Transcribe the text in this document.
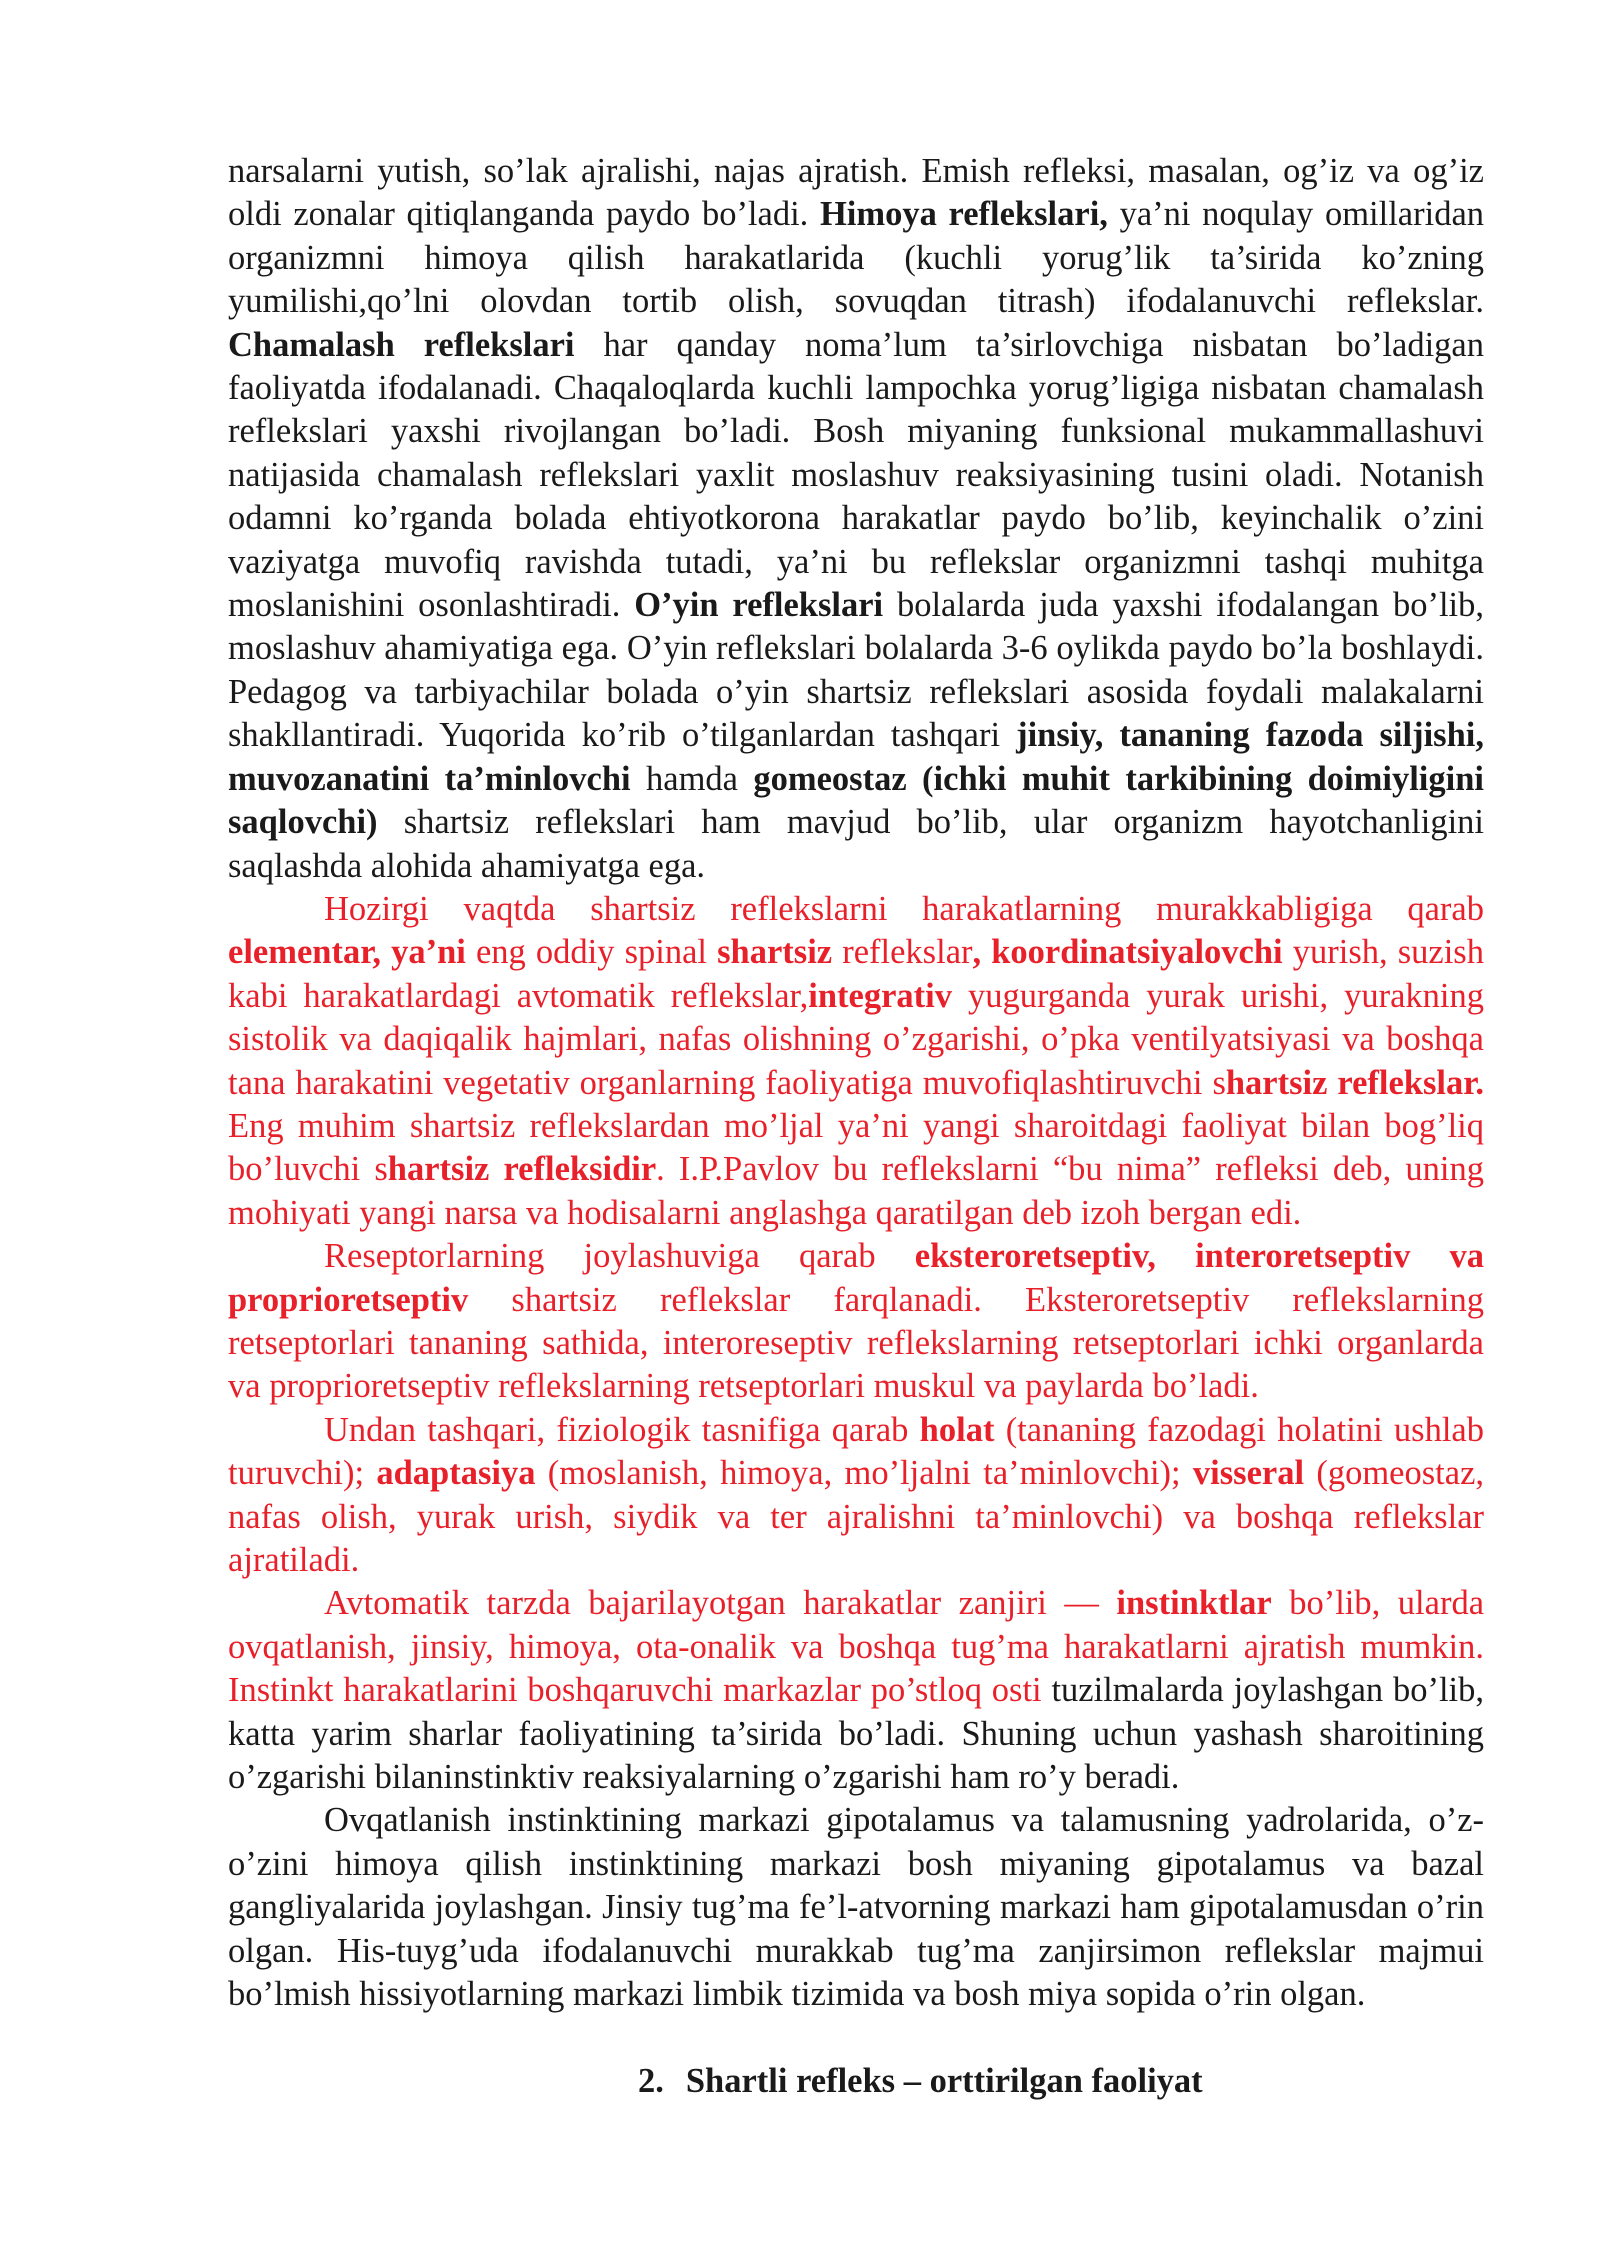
narsalarni yutish, so’lak ajralishi, najas ajratish. Emish refleksi, masalan, og’iz va og’iz oldi zonalar qitiqlanganda paydo bo’ladi. Himoya reflekslari, ya’ni noqulay omillaridan organizmni himoya qilish harakatlarida (kuchli yorug’lik ta’sirida ko’zning yumilishi,qo’lni olovdan tortib olish, sovuqdan titrash) ifodalanuvchi reflekslar. Chamalash reflekslari har qanday noma’lum ta’sirlovchiga nisbatan bo’ladigan faoliyatda ifodalanadi. Chaqaloqlarda kuchli lampochka yorug’ligiga nisbatan chamalash reflekslari yaxshi rivojlangan bo’ladi. Bosh miyaning funksional mukammallashuvi natijasida chamalash reflekslari yaxlit moslashuv reaksiyasining tusini oladi. Notanish odamni ko’rganda bolada ehtiyotkorona harakatlar paydo bo’lib, keyinchalik o’zini vaziyatga muvofiq ravishda tutadi, ya’ni bu reflekslar organizmni tashqi muhitga moslanishini osonlashtiradi. O’yin reflekslari bolalarda juda yaxshi ifodalangan bo’lib, moslashuv ahamiyatiga ega. O’yin reflekslari bolalarda 3-6 oylikda paydo bo’la boshlaydi. Pedagog va tarbiyachilar bolada o’yin shartsiz reflekslari asosida foydali malakalarni shakllantiradi. Yuqorida ko’rib o’tilganlardan tashqari jinsiy, tananing fazoda siljishi, muvozanatini ta’minlovchi hamda gomeostaz (ichki muhit tarkibining doimiyligini saqlovchi) shartsiz reflekslari ham mavjud bo’lib, ular organizm hayotchanligini saqlashda alohida ahamiyatga ega.

Hozirgi vaqtda shartsiz reflekslarni harakatlarning murakkabligiga qarab elementar, ya’ni eng oddiy spinal shartsiz reflekslar, koordinatsiyalovchi yurish, suzish kabi harakatlardagi avtomatik reflekslar,integrativ yugurganda yurak urishi, yurakning sistolik va daqiqalik hajmlari, nafas olishning o’zgarishi, o’pka ventilyatsiyasi va boshqa tana harakatini vegetativ organlarning faoliyatiga muvofiqlashtiruvchi shartsiz reflekslar. Eng muhim shartsiz reflekslardan mo’ljal ya’ni yangi sharoitdagi faoliyat bilan bog’liq bo’luvchi shartsiz refleksidir. I.P.Pavlov bu reflekslarni “bu nima” refleksi deb, uning mohiyati yangi narsa va hodisalarni anglashga qaratilgan deb izoh bergan edi.

Reseptorlarning joylashuviga qarab eksteroretseptiv, interoretseptiv va proprioretseptiv shartsiz reflekslar farqlanadi. Eksteroretseptiv reflekslarning retseptorlari tananing sathida, interoreseptiv reflekslarning retseptorlari ichki organlarda va proprioretseptiv reflekslarning retseptorlari muskul va paylarda bo’ladi.

Undan tashqari, fiziologik tasnifiga qarab holat (tananing fazodagi holatini ushlab turuvchi); adaptasiya (moslanish, himoya, mo’ljalni ta’minlovchi); visseral (gomeostaz, nafas olish, yurak urish, siydik va ter ajralishni ta’minlovchi) va boshqa reflekslar ajratiladi.

Avtomatik tarzda bajarilayotgan harakatlar zanjiri — instinktlar bo’lib, ularda ovqatlanish, jinsiy, himoya, ota-onalik va boshqa tug’ma harakatlarni ajratish mumkin. Instinkt harakatlarini boshqaruvchi markazlar po’stloq osti tuzilmalarda joylashgan bo’lib, katta yarim sharlar faoliyatining ta’sirida bo’ladi. Shuning uchun yashash sharoitining o’zgarishi bilaninstinktiv reaksiyalarning o’zgarishi ham ro’y beradi.

Ovqatlanish instinktining markazi gipotalamus va talamusning yadrolarida, o’z-o’zini himoya qilish instinktining markazi bosh miyaning gipotalamus va bazal gangliyalarida joylashgan. Jinsiy tug’ma fe’l-atvorning markazi ham gipotalamusdan o’rin olgan. His-tuyg’uda ifodalanuvchi murakkab tug’ma zanjirsimon reflekslar majmui bo’lmish hissiyotlarning markazi limbik tizimida va bosh miya sopida o’rin olgan.

2. Shartli refleks – orttirilgan faoliyat
